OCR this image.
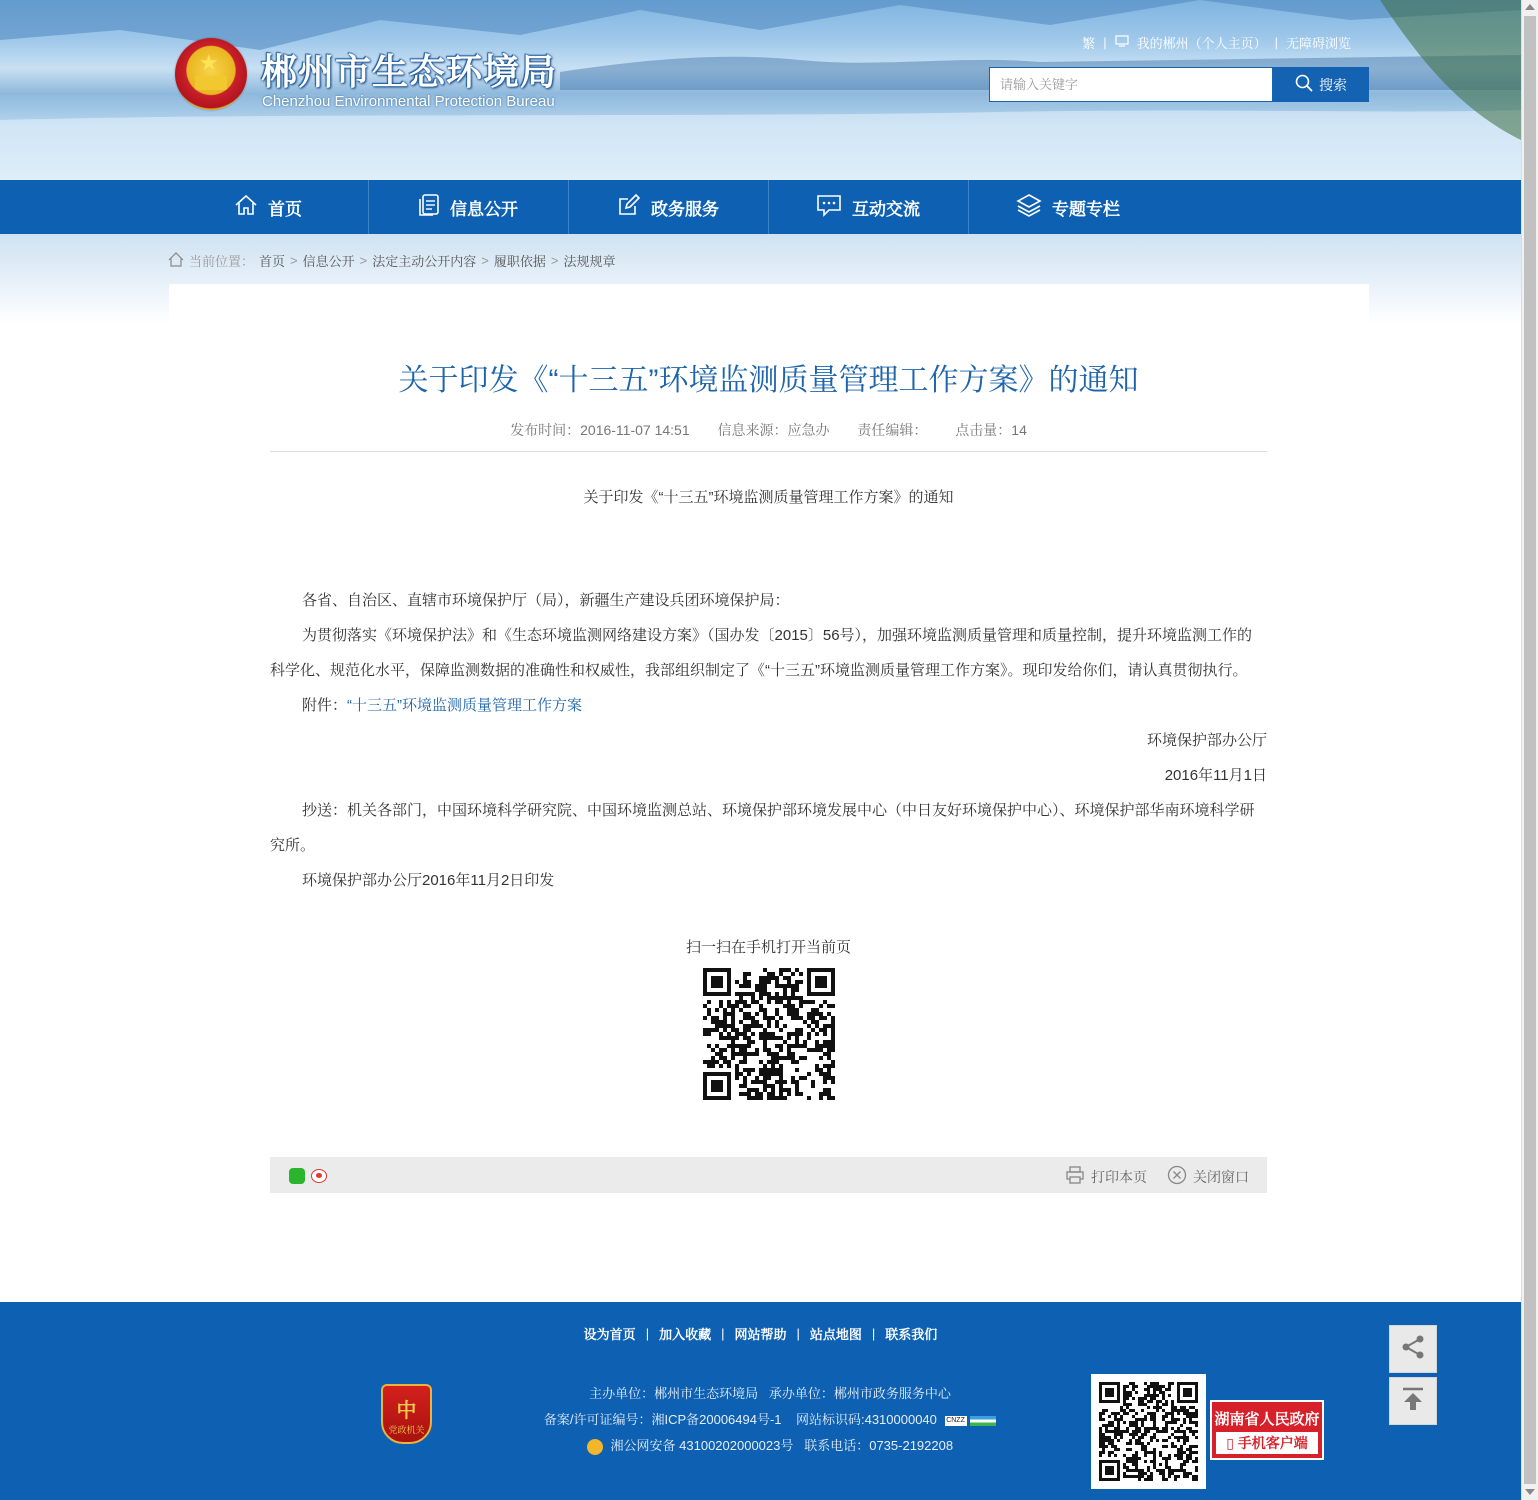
★ 郴州市生态环境局
Chenzhou Environmental Protection Bureau
繁 | 我的郴州（个人主页） | 无障碍浏览
请输入关键字	搜索
首页	信息公开	政务服务	互动交流	专题专栏
当前位置： 首页 > 信息公开 > 法定主动公开内容 > 履职依据 > 法规规章
关于印发《“十三五”环境监测质量管理工作方案》的通知
发布时间：2016-11-07 14:51 信息来源：应急办 责任编辑： 点击量：14
关于印发《“十三五”环境监测质量管理工作方案》的通知

各省、自治区、直辖市环境保护厅（局），新疆生产建设兵团环境保护局：

为贯彻落实《环境保护法》和《生态环境监测网络建设方案》（国办发〔2015〕56号），加强环境监测质量管理和质量控制，提升环境监测工作的科学化、规范化水平，保障监测数据的准确性和权威性，我部组织制定了《“十三五”环境监测质量管理工作方案》。现印发给你们，请认真贯彻执行。

附件：“十三五”环境监测质量管理工作方案

环境保护部办公厅

2016年11月1日

抄送：机关各部门，中国环境科学研究院、中国环境监测总站、环境保护部环境发展中心（中日友好环境保护中心）、环境保护部华南环境科学研究所。

环境保护部办公厅2016年11月2日印发

扫一扫在手机打开当前页
打印本页	关闭窗口
设为首页 | 加入收藏 | 网站帮助 | 站点地图 | 联系我们
中
党政机关
主办单位：郴州市生态环境局 承办单位：郴州市政务服务中心
备案/许可证编号：湘ICP备20006494号-1 网站标识码:4310000040 CNZZ
湘公网安备 43100202000023号 联系电话：0735-2192208
湖南省人民政府
▯ 手机客户端
